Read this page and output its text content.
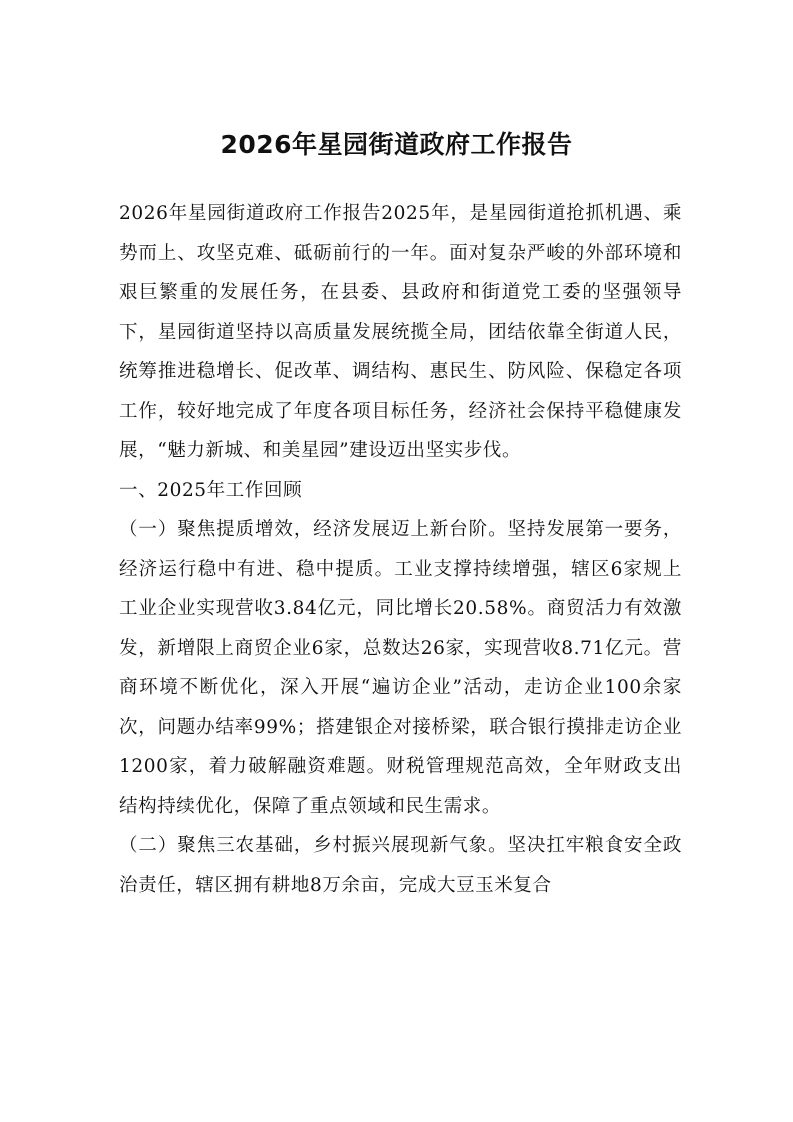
2026年星园街道政府工作报告

2026年星园街道政府工作报告2025年，是星园街道抢抓机遇、乘势而上、攻坚克难、砥砺前行的一年。面对复杂严峻的外部环境和艰巨繁重的发展任务，在县委、县政府和街道党工委的坚强领导下，星园街道坚持以高质量发展统揽全局，团结依靠全街道人民，统筹推进稳增长、促改革、调结构、惠民生、防风险、保稳定各项工作，较好地完成了年度各项目标任务，经济社会保持平稳健康发展，“魅力新城、和美星园”建设迈出坚实步伐。

一、2025年工作回顾

（一）聚焦提质增效，经济发展迈上新台阶。坚持发展第一要务，经济运行稳中有进、稳中提质。工业支撑持续增强，辖区6家规上工业企业实现营收3.84亿元，同比增长20.58%。商贸活力有效激发，新增限上商贸企业6家，总数达26家，实现营收8.71亿元。营商环境不断优化，深入开展“遍访企业”活动，走访企业100余家次，问题办结率99%；搭建银企对接桥梁，联合银行摸排走访企业1200家，着力破解融资难题。财税管理规范高效，全年财政支出结构持续优化，保障了重点领域和民生需求。

（二）聚焦三农基础，乡村振兴展现新气象。坚决扛牢粮食安全政治责任，辖区拥有耕地8万余亩，完成大豆玉米复合
